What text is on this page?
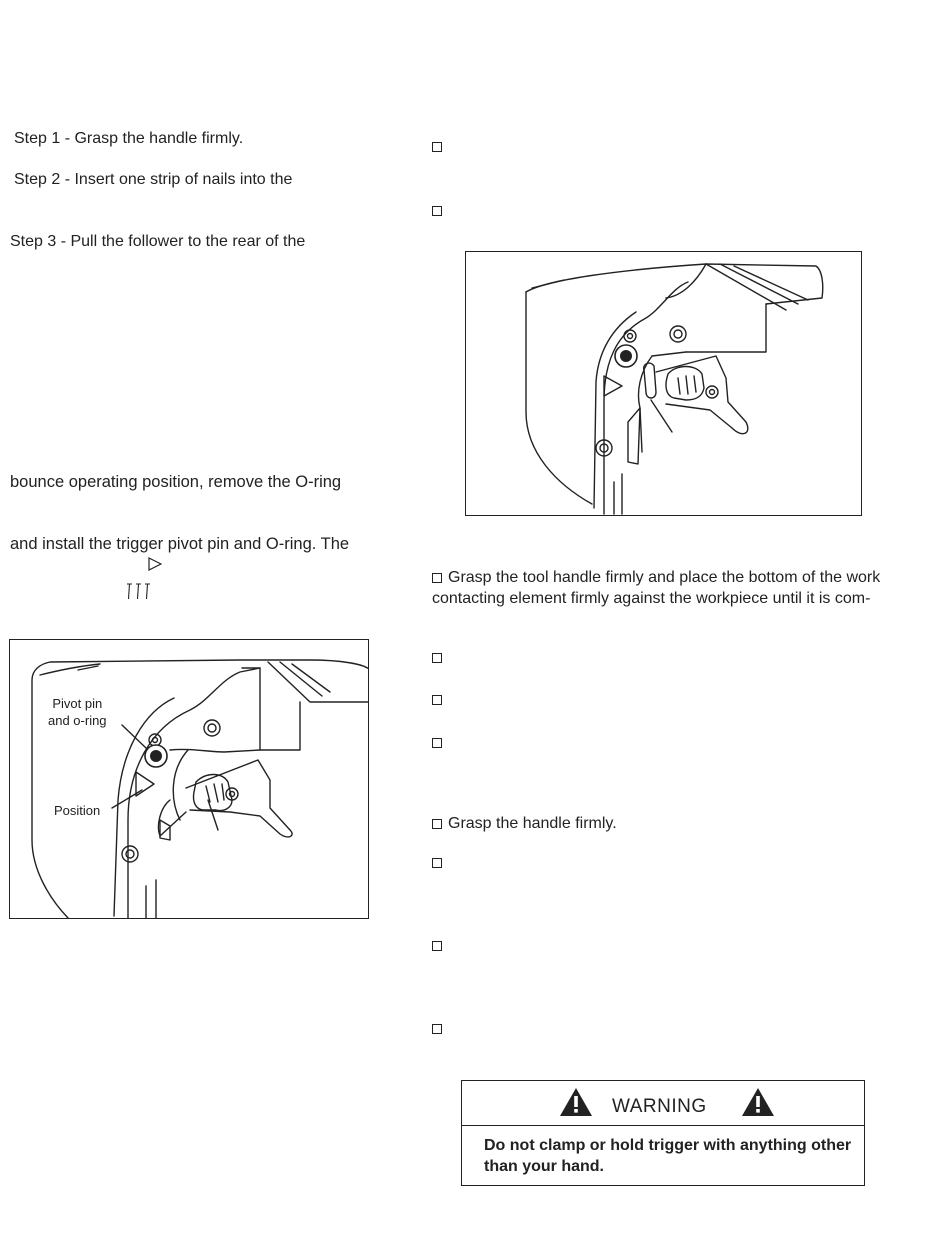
Step 1 - Grasp the handle firmly.
Step 2 - Insert one strip of nails into the
Step 3 - Pull the follower to the rear of the
bounce operating position, remove the O-ring
and install the trigger pivot pin and O-ring. The
Pivot pin
and o-ring
Position
Grasp the tool handle firmly and place the bottom of the work
contacting element firmly against the workpiece until it is com-
Grasp the handle firmly.
WARNING
Do not clamp or hold trigger with anything other than your hand.
